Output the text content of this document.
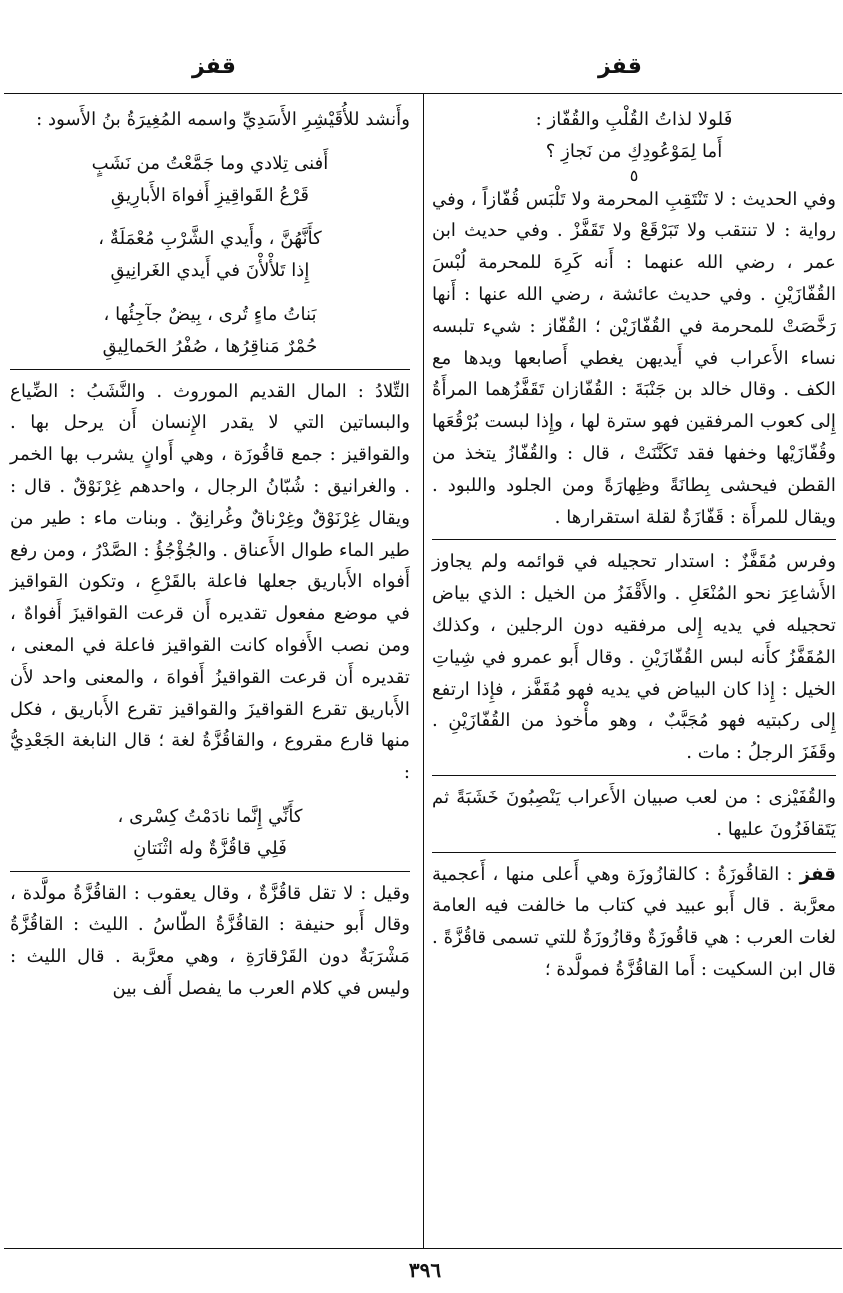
قفز
قفز

فَلولا لذاتُ القُلْبِ والقُفّاز :

أَما لِمَوْعُودِكِ من نَجازِ ؟

٥

وفي الحديث : لا تَنْتَقِبِ المحرمة ولا تَلْبَس قُفّازاً ، وفي رواية : لا تنتقب ولا تَبَرْقَعْ ولا تَقَفَّزْ . وفي حديث ابن عمر ، رضي الله عنهما : أَنه كَرِهَ للمحرمة لُبْسَ القُفّازَيْنِ . وفي حديث عائشة ، رضي الله عنها : أَنها رَخَّصَتْ للمحرمة في القُفّازَيْن ؛ القُفّاز : شيء تلبسه نساء الأَعراب في أَيديهن يغطي أَصابعها ويدها مع الكف . وقال خالد بن جَنْبَةَ : القُفّازان تَقَفَّزُهما المرأَةُ إِلى كعوب المرفقين فهو سترة لها ، وإِذا لبست بُرْقُعَها وقُفّازَيْها وخفها فقد تَكَنَّنَتْ ، قال : والقُفّازُ يتخذ من القطن فيحشى بِطانَةً وظِهارَةً ومن الجلود واللبود . ويقال للمرأَة : قَفّازَةٌ لقلة استقرارها .

وفرس مُقَفَّزٌ : استدار تحجيله في قوائمه ولم يجاوز الأَشاعِرَ نحو المُنْعَلِ . والأَقْفَزُ من الخيل : الذي بياض تحجيله في يديه إِلى مرفقيه دون الرجلين ، وكذلك المُقَفَّزُ كأَنه لبس القُفّازَيْنِ . وقال أَبو عمرو في شِياتِ الخيل : إِذا كان البياض في يديه فهو مُقَفَّز ، فإِذا ارتفع إِلى ركبتيه فهو مُجَبَّبٌ ، وهو مأْخوذ من القُفّازَيْنِ . وقَفَزَ الرجلُ : مات .

والقُفَيْزى : من لعب صبيان الأَعراب يَنْصِبُونَ خَشَبَةً ثم يَتَقافَزُونَ عليها .

قفز : القاقُوزَةُ : كالقازُوزَة وهي أَعلى منها ، أَعجمية معرَّبة . قال أَبو عبيد في كتاب ما خالفت فيه العامة لغات العرب : هي قاقُوزَةٌ وقازُوزَةٌ للتي تسمى قاقُزَّةً . قال ابن السكيت : أَما القاقُزَّةُ فمولَّدة ؛

وأَنشد للأُقَيْشِرِ الأَسَدِيِّ واسمه المُغِيرَةُ بنُ الأَسود :

أَفنى تِلادي وما جَمَّعْتُ من نَشَبٍ

قَرْعُ القَواقِيزِ أَفواهَ الأَبارِيقِ

كأَنَّهُنَّ ، وأَيدي الشَّرْبِ مُعْمَلَةٌ ،

إِذا تَلأْلأْنَ في أَيدي الغَرانِيقِ

بَناتُ ماءٍ تُرى ، بِيضٌ جآجِئُها ،

حُمْرٌ مَناقِرُها ، صُفْرُ الحَمالِيقِ

التِّلادُ : المال القديم الموروث . والنَّشَبُ : الضِّياع والبساتين التي لا يقدر الإِنسان أَن يرحل بها . والقواقيز : جمع قاقُوزَة ، وهي أَوانٍ يشرب بها الخمر . والغرانيق : شُبّانُ الرجال ، واحدهم غِرْنَوْقٌ . قال : ويقال غِرْنَوْقٌ وغِرْناقٌ وغُرانِقٌ . وبنات ماء : طير من طير الماء طوال الأَعناق . والجُؤْجُؤُ : الصَّدْرُ ، ومن رفع أَفواه الأَباريق جعلها فاعلة بالقَرْعِ ، وتكون القواقيز في موضع مفعول تقديره أَن قرعت القواقيزَ أَفواهٌ ، ومن نصب الأَفواه كانت القواقيز فاعلة في المعنى ، تقديره أَن قرعت القواقيزُ أَفواهَ ، والمعنى واحد لأَن الأَباريق تقرع القواقيزَ والقواقيز تقرع الأَباريق ، فكل منها قارع مقروع ، والقاقُزَّةُ لغة ؛ قال النابغة الجَعْدِيُّ :

كأَنِّي إِنَّما نادَمْتُ كِسْرى ،

فَلِي قاقُزَّةٌ وله اثْنَتانِ

وقيل : لا تقل قاقُزَّةٌ ، وقال يعقوب : القاقُزَّةُ مولَّدة ، وقال أَبو حنيفة : القاقُزَّةُ الطّاسُ . الليث : القاقُزَّةُ مَشْرَبَةٌ دون القَرْقارَةِ ، وهي معرَّبة . قال الليث : وليس في كلام العرب ما يفصل أَلف بين

٣٩٦
